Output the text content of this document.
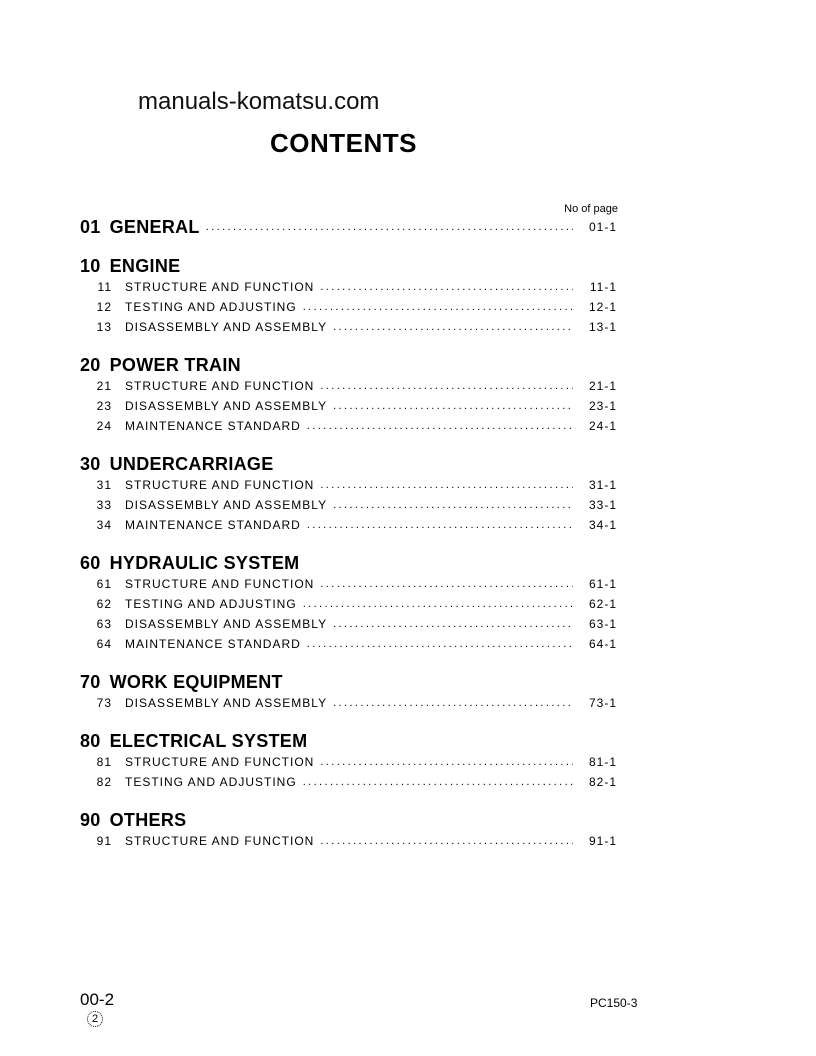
manuals-komatsu.com
CONTENTS
No of page
01 GENERAL .....	01-1
10 ENGINE
11 STRUCTURE AND FUNCTION .....	11-1
12 TESTING AND ADJUSTING .....	12-1
13 DISASSEMBLY AND ASSEMBLY .....	13-1
20 POWER TRAIN
21 STRUCTURE AND FUNCTION .....	21-1
23 DISASSEMBLY AND ASSEMBLY .....	23-1
24 MAINTENANCE STANDARD .....	24-1
30 UNDERCARRIAGE
31 STRUCTURE AND FUNCTION .....	31-1
33 DISASSEMBLY AND ASSEMBLY .....	33-1
34 MAINTENANCE STANDARD .....	34-1
60 HYDRAULIC SYSTEM
61 STRUCTURE AND FUNCTION .....	61-1
62 TESTING AND ADJUSTING .....	62-1
63 DISASSEMBLY AND ASSEMBLY .....	63-1
64 MAINTENANCE STANDARD .....	64-1
70 WORK EQUIPMENT
73 DISASSEMBLY AND ASSEMBLY .....	73-1
80 ELECTRICAL SYSTEM
81 STRUCTURE AND FUNCTION .....	81-1
82 TESTING AND ADJUSTING .....	82-1
90 OTHERS
91 STRUCTURE AND FUNCTION .....	91-1
00-2
2
PC150-3
